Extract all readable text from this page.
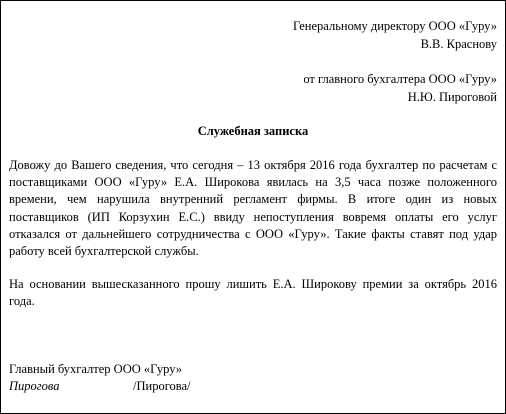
Генеральному директору ООО «Гуру»
В.В. Краснову
от главного бухгалтера ООО «Гуру»
Н.Ю. Пироговой
Служебная записка
Довожу до Вашего сведения, что сегодня – 13 октября 2016 года бухгалтер по расчетам с поставщиками ООО «Гуру» Е.А. Широкова явилась на 3,5 часа позже положенного времени, чем нарушила внутренний регламент фирмы. В итоге один из новых поставщиков (ИП Корзухин Е.С.) ввиду непоступления вовремя оплаты его услуг отказался от дальнейшего сотрудничества с ООО «Гуру». Такие факты ставят под удар работу всей бухгалтерской службы.
На основании вышесказанного прошу лишить Е.А. Широкову премии за октябрь 2016 года.
Главный бухгалтер ООО «Гуру»
Пирогова	/Пирогова/
